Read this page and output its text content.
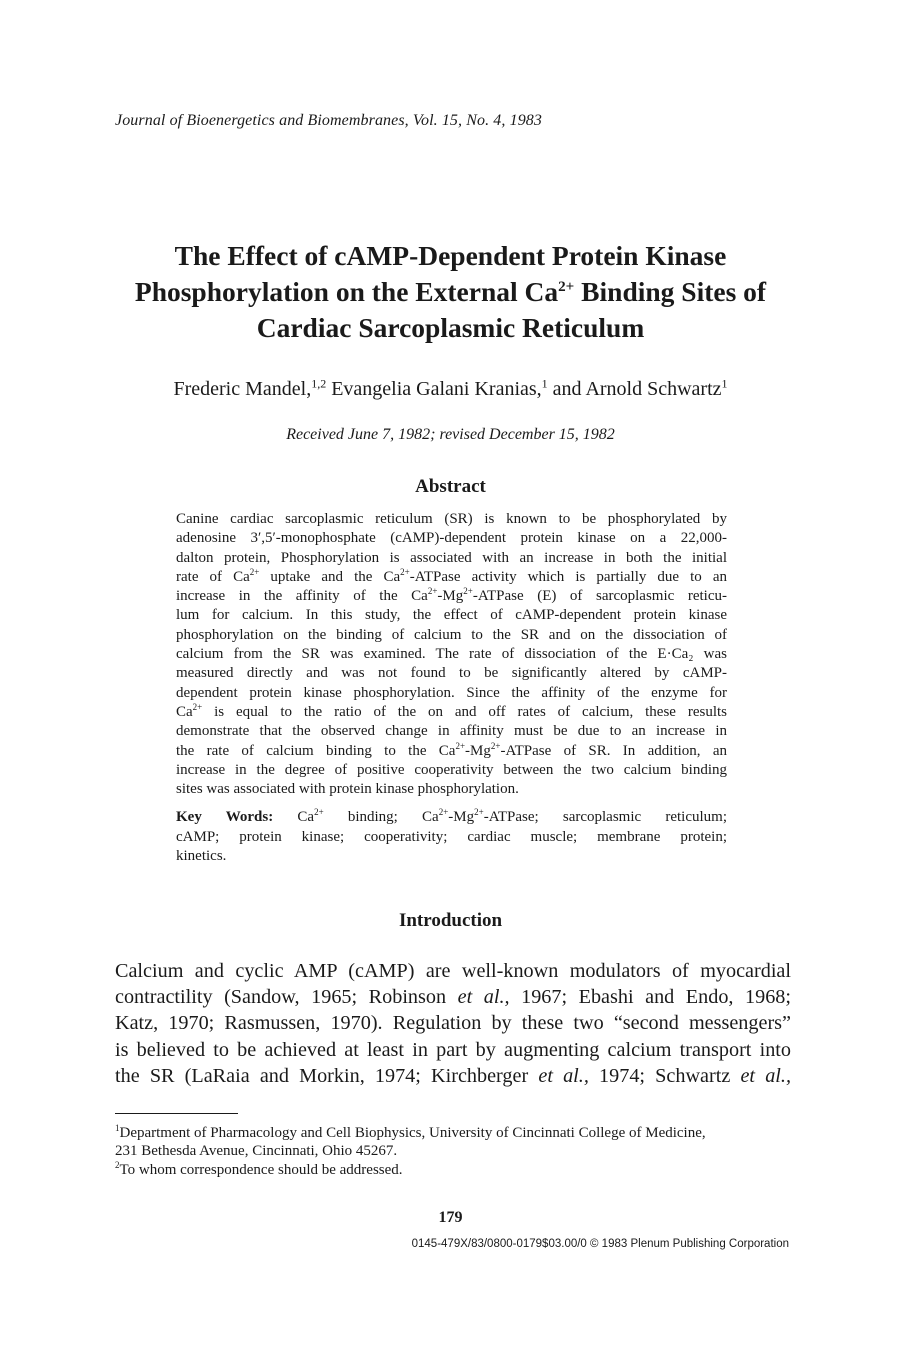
Journal of Bioenergetics and Biomembranes, Vol. 15, No. 4, 1983
The Effect of cAMP-Dependent Protein Kinase
Phosphorylation on the External $Ca^{2+}$ Binding Sites of
Cardiac Sarcoplasmic Reticulum
Frederic Mandel,$^{1,2}$ Evangelia Galani Kranias,$^1$ and Arnold Schwartz$^1$
Received June 7, 1982; revised December 15, 1982
Abstract
Canine cardiac sarcoplasmic reticulum (SR) is known to be phosphorylated by
adenosine 3′,5′-monophosphate (cAMP)-dependent protein kinase on a 22,000-
dalton protein, Phosphorylation is associated with an increase in both the initial
rate of $Ca^{2+}$ uptake and the $Ca^{2+}$-ATPase activity which is partially due to an
increase in the affinity of the $Ca^{2+}-Mg^{2+}$-ATPase (E) of sarcoplasmic reticu-
lum for calcium. In this study, the effect of cAMP-dependent protein kinase
phosphorylation on the binding of calcium to the SR and on the dissociation of
calcium from the SR was examined. The rate of dissociation of the E·Ca₂ was
measured directly and was not found to be significantly altered by cAMP-
dependent protein kinase phosphorylation. Since the affinity of the enzyme for
$Ca^{2+}$ is equal to the ratio of the on and off rates of calcium, these results
demonstrate that the observed change in affinity must be due to an increase in
the rate of calcium binding to the $Ca^{2+}-Mg^{2+}$-ATPase of SR. In addition, an
increase in the degree of positive cooperativity between the two calcium binding
sites was associated with protein kinase phosphorylation.
Key Words: $Ca^{2+}$ binding; $Ca^{2+}-Mg^{2+}$-ATPase; sarcoplasmic reticulum;
cAMP; protein kinase; cooperativity; cardiac muscle; membrane protein;
kinetics.
Introduction
Calcium and cyclic AMP (cAMP) are well-known modulators of myocardial
contractility (Sandow, 1965; Robinson et al., 1967; Ebashi and Endo, 1968;
Katz, 1970; Rasmussen, 1970). Regulation by these two “second messengers”
is believed to be achieved at least in part by augmenting calcium transport into
the SR (LaRaia and Morkin, 1974; Kirchberger et al., 1974; Schwartz et al.,
$^1$Department of Pharmacology and Cell Biophysics, University of Cincinnati College of Medicine,
231 Bethesda Avenue, Cincinnati, Ohio 45267.
$^2$To whom correspondence should be addressed.
179
0145-479X/83/0800-0179$03.00/0 © 1983 Plenum Publishing Corporation
